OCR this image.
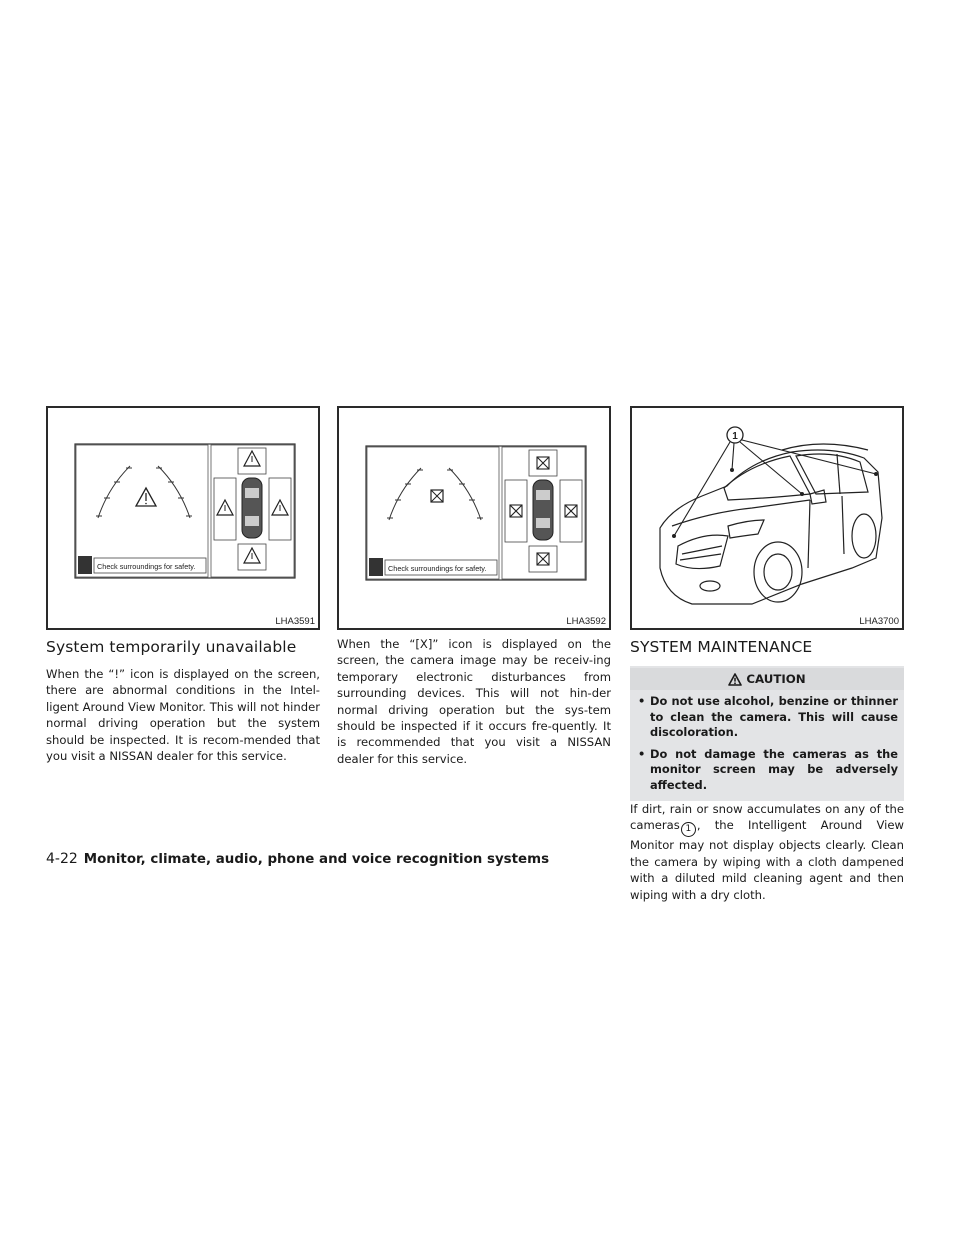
Check surroundings for safety.
LHA3591
System temporarily unavailable

When the “!” icon is displayed on the screen, there are abnormal conditions in the Intel-ligent Around View Monitor. This will not hinder normal driving operation but the system should be inspected. It is recom-mended that you visit a NISSAN dealer for this service.

Check surroundings for safety.
LHA3592

When the “[X]” icon is displayed on the screen, the camera image may be receiv-ing temporary electronic disturbances from surrounding devices. This will not hin-der normal driving operation but the sys-tem should be inspected if it occurs fre-quently. It is recommended that you visit a NISSAN dealer for this service.

1
LHA3700
SYSTEM MAINTENANCE
CAUTION
• Do not use alcohol, benzine or thinner to clean the camera. This will cause discoloration.
• Do not damage the cameras as the monitor screen may be adversely affected.

If dirt, rain or snow accumulates on any of the cameras 1 , the Intelligent Around View Monitor may not display objects clearly. Clean the camera by wiping with a cloth dampened with a diluted mild cleaning agent and then wiping with a dry cloth.

4-22 Monitor, climate, audio, phone and voice recognition systems
